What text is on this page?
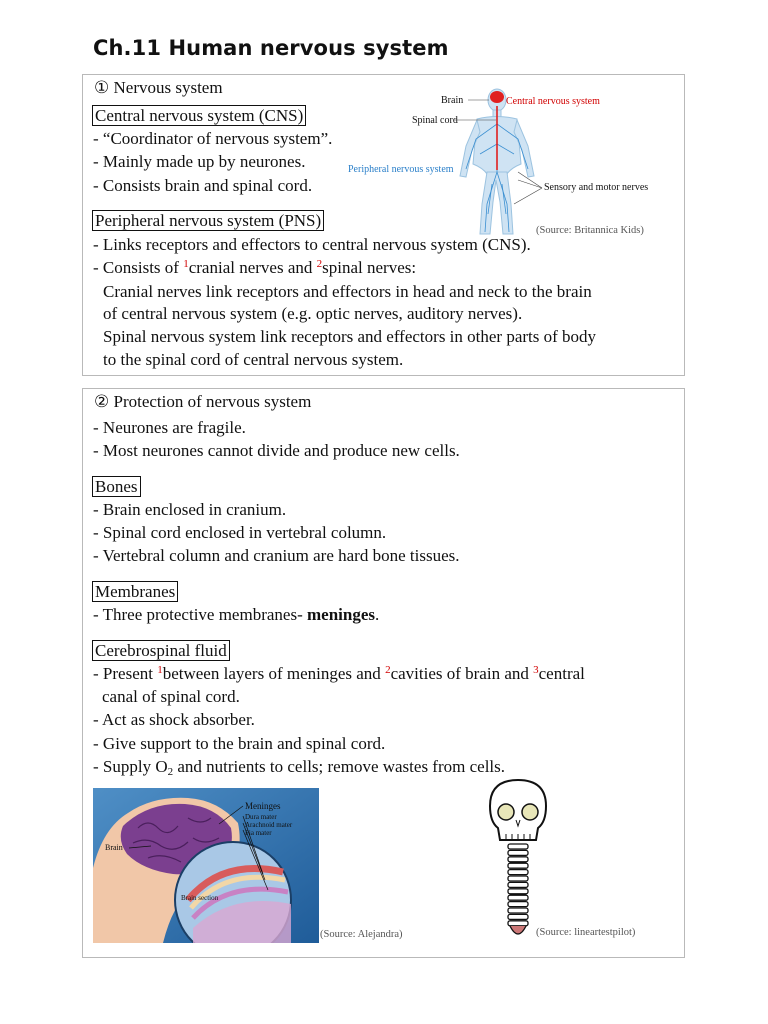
Ch.11 Human nervous system
① Nervous system
Central nervous system (CNS)
- “Coordinator of nervous system”.
- Mainly made up by neurones.
- Consists brain and spinal cord.
Peripheral nervous system (PNS)
- Links receptors and effectors to central nervous system (CNS).
- Consists of $^1$cranial nerves and $^2$spinal nerves:
Cranial nerves link receptors and effectors in head and neck to the brain
of central nervous system (e.g. optic nerves, auditory nerves).
Spinal nervous system link receptors and effectors in other parts of body
to the spinal cord of central nervous system.
Brain	Central nervous system
Spinal cord
Peripheral nervous system
Sensory and motor nerves
(Source: Britannica Kids)
② Protection of nervous system
- Neurones are fragile.
- Most neurones cannot divide and produce new cells.
Bones
- Brain enclosed in cranium.
- Spinal cord enclosed in vertebral column.
- Vertebral column and cranium are hard bone tissues.
Membranes
- Three protective membranes- meninges.
Cerebrospinal fluid
- Present $^1$between layers of meninges and $^2$cavities of brain and $^3$central
canal of spinal cord.
- Act as shock absorber.
- Give support to the brain and spinal cord.
- Supply $O_2$ and nutrients to cells; remove wastes from cells.
Meninges
Dura mater
Arachnoid mater
Pia mater
Brain
Brain section
(Source: Alejandra)	(Source: lineartestpilot)
